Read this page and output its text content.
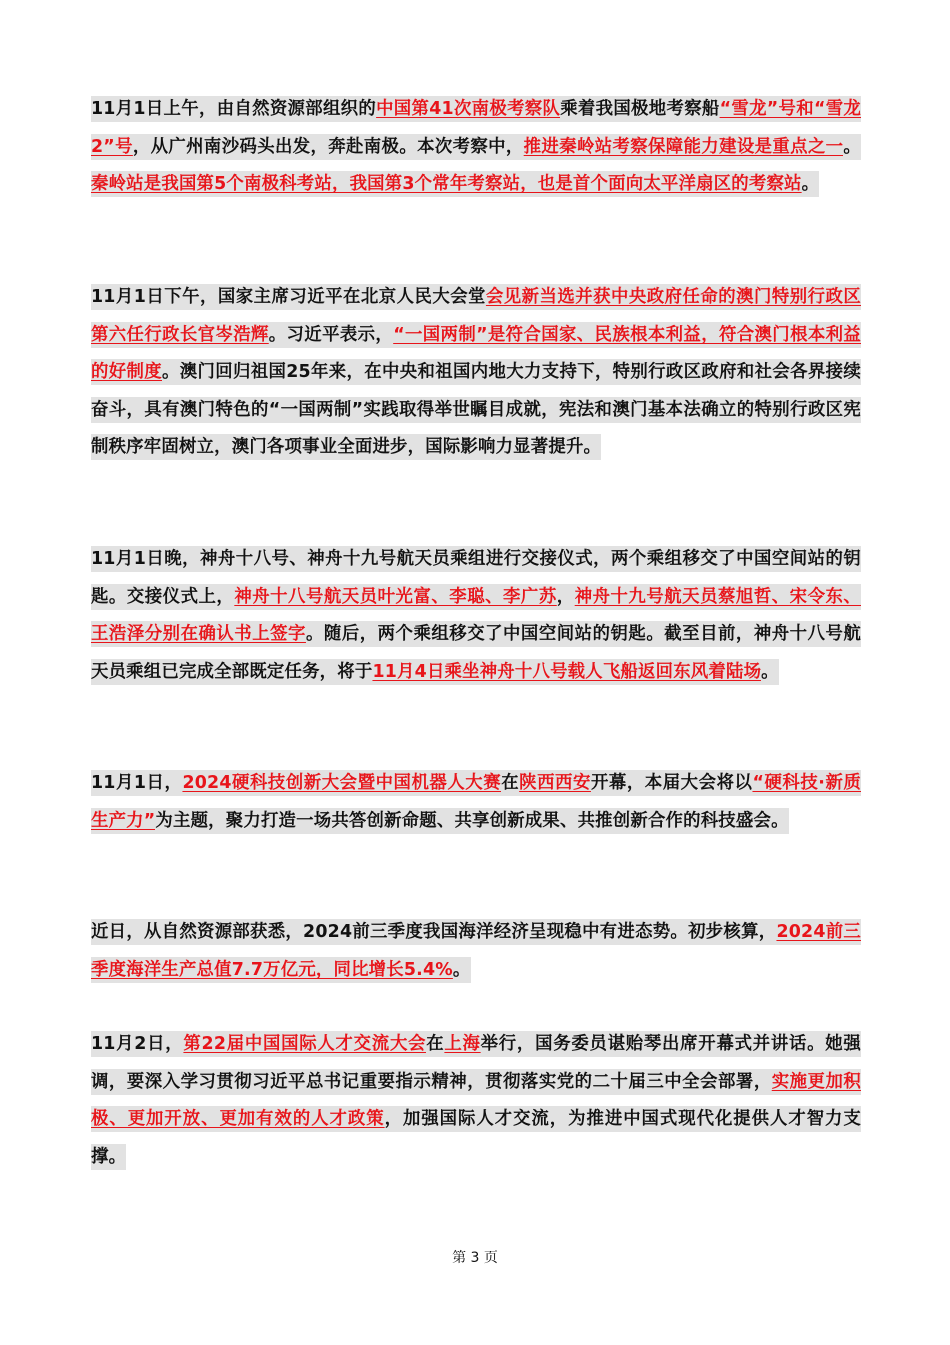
11月1日上午，由自然资源部组织的中国第41次南极考察队乘着我国极地考察船“雪龙”号和“雪龙2”号，从广州南沙码头出发，奔赴南极。本次考察中，推进秦岭站考察保障能力建设是重点之一。秦岭站是我国第5个南极科考站，我国第3个常年考察站，也是首个面向太平洋扇区的考察站。

11月1日下午，国家主席习近平在北京人民大会堂会见新当选并获中央政府任命的澳门特别行政区第六任行政长官岑浩辉。习近平表示，“一国两制”是符合国家、民族根本利益，符合澳门根本利益的好制度。澳门回归祖国25年来，在中央和祖国内地大力支持下，特别行政区政府和社会各界接续奋斗，具有澳门特色的“一国两制”实践取得举世瞩目成就，宪法和澳门基本法确立的特别行政区宪制秩序牢固树立，澳门各项事业全面进步，国际影响力显著提升。

11月1日晚，神舟十八号、神舟十九号航天员乘组进行交接仪式，两个乘组移交了中国空间站的钥匙。交接仪式上，神舟十八号航天员叶光富、李聪、李广苏，神舟十九号航天员蔡旭哲、宋令东、王浩泽分别在确认书上签字。随后，两个乘组移交了中国空间站的钥匙。截至目前，神舟十八号航天员乘组已完成全部既定任务，将于11月4日乘坐神舟十八号载人飞船返回东风着陆场。

11月1日，2024硬科技创新大会暨中国机器人大赛在陕西西安开幕，本届大会将以“硬科技·新质生产力”为主题，聚力打造一场共答创新命题、共享创新成果、共推创新合作的科技盛会。

近日，从自然资源部获悉，2024前三季度我国海洋经济呈现稳中有进态势。初步核算，2024前三季度海洋生产总值7.7万亿元，同比增长5.4%。

11月2日，第22届中国国际人才交流大会在上海举行，国务委员谌贻琴出席开幕式并讲话。她强调，要深入学习贯彻习近平总书记重要指示精神，贯彻落实党的二十届三中全会部署，实施更加积极、更加开放、更加有效的人才政策，加强国际人才交流，为推进中国式现代化提供人才智力支撑。

第 3 页
